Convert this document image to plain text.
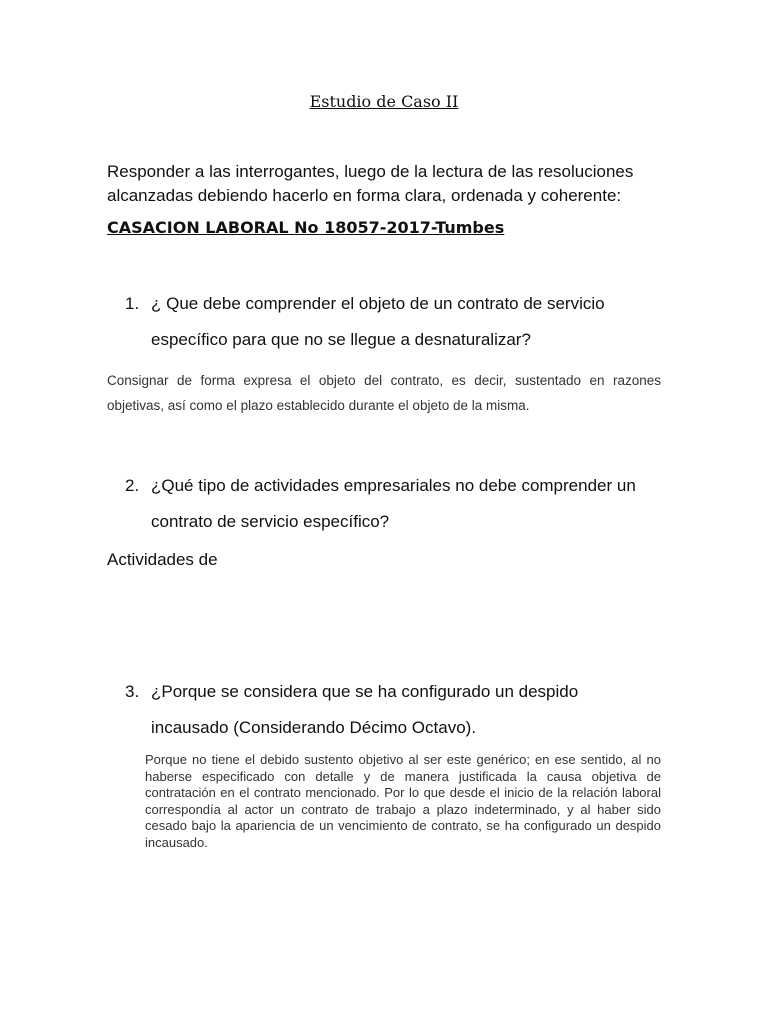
Estudio de Caso II

Responder a las interrogantes, luego de la lectura de las resoluciones alcanzadas debiendo hacerlo en forma clara, ordenada y coherente:

CASACION LABORAL No 18057-2017-Tumbes

1. ¿ Que debe comprender el objeto de un contrato de servicio
específico para que no se llegue a desnaturalizar?

Consignar de forma expresa el objeto del contrato, es decir, sustentado en razones objetivas, así como el plazo establecido durante el objeto de la misma.

2. ¿Qué tipo de actividades empresariales no debe comprender un
contrato de servicio específico?

Actividades de

3. ¿Porque se considera que se ha configurado un despido
incausado (Considerando Décimo Octavo).

Porque no tiene el debido sustento objetivo al ser este genérico; en ese sentido, al no haberse especificado con detalle y de manera justificada la causa objetiva de contratación en el contrato mencionado. Por lo que desde el inicio de la relación laboral correspondía al actor un contrato de trabajo a plazo indeterminado, y al haber sido cesado bajo la apariencia de un vencimiento de contrato, se ha configurado un despido incausado.
